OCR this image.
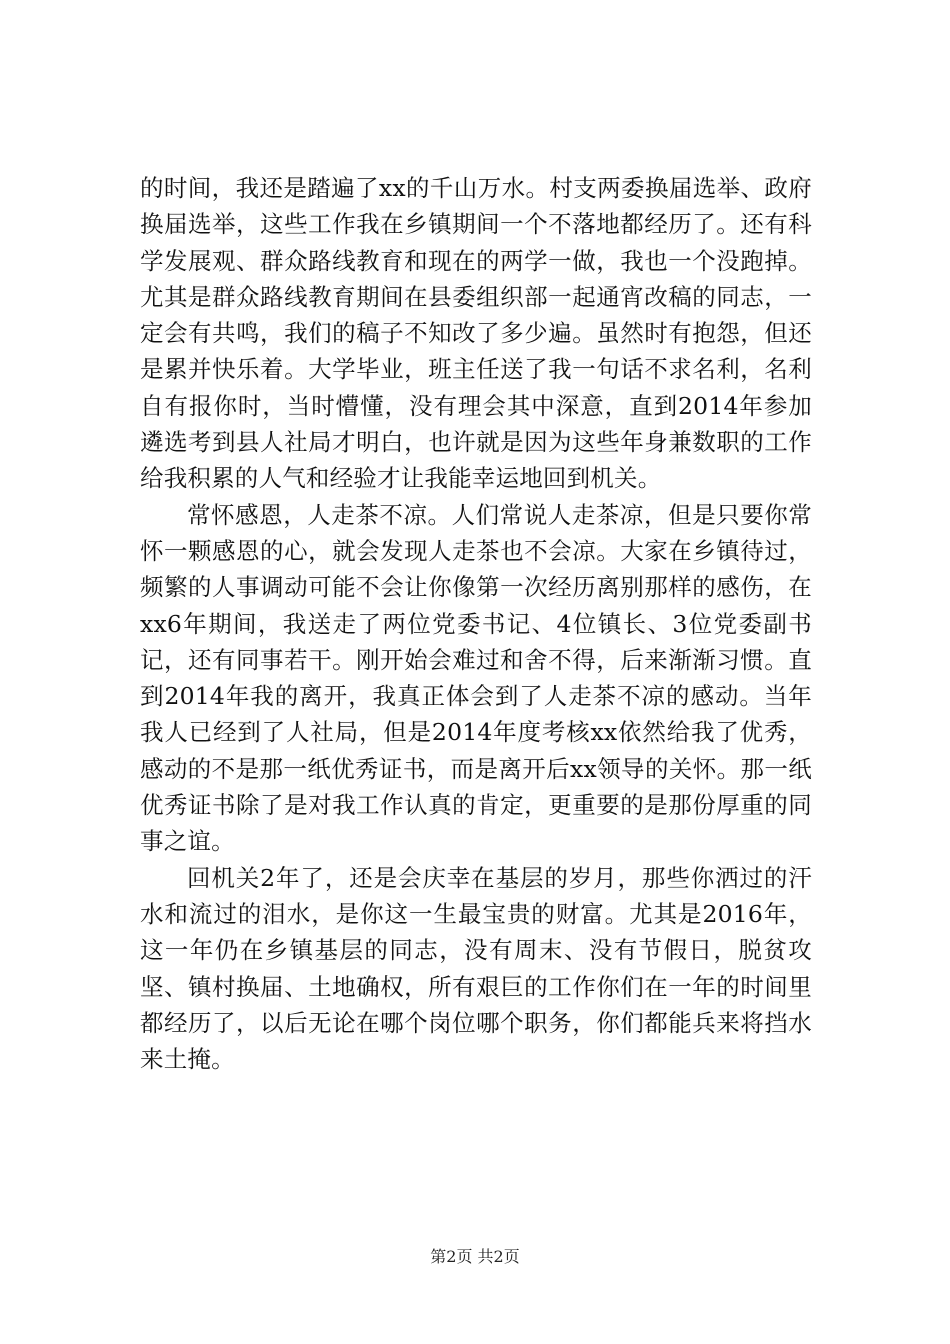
的时间，我还是踏遍了xx的千山万水。村支两委换届选举、政府换届选举，这些工作我在乡镇期间一个不落地都经历了。还有科学发展观、群众路线教育和现在的两学一做，我也一个没跑掉。尤其是群众路线教育期间在县委组织部一起通宵改稿的同志，一定会有共鸣，我们的稿子不知改了多少遍。虽然时有抱怨，但还是累并快乐着。大学毕业，班主任送了我一句话不求名利，名利自有报你时，当时懵懂，没有理会其中深意，直到2014年参加遴选考到县人社局才明白，也许就是因为这些年身兼数职的工作给我积累的人气和经验才让我能幸运地回到机关。

常怀感恩，人走茶不凉。人们常说人走茶凉，但是只要你常怀一颗感恩的心，就会发现人走茶也不会凉。大家在乡镇待过，频繁的人事调动可能不会让你像第一次经历离别那样的感伤，在xx6年期间，我送走了两位党委书记、4位镇长、3位党委副书记，还有同事若干。刚开始会难过和舍不得，后来渐渐习惯。直到2014年我的离开，我真正体会到了人走茶不凉的感动。当年我人已经到了人社局，但是2014年度考核xx依然给我了优秀，感动的不是那一纸优秀证书，而是离开后xx领导的关怀。那一纸优秀证书除了是对我工作认真的肯定，更重要的是那份厚重的同事之谊。

回机关2年了，还是会庆幸在基层的岁月，那些你洒过的汗水和流过的泪水，是你这一生最宝贵的财富。尤其是2016年，这一年仍在乡镇基层的同志，没有周末、没有节假日，脱贫攻坚、镇村换届、土地确权，所有艰巨的工作你们在一年的时间里都经历了，以后无论在哪个岗位哪个职务，你们都能兵来将挡水来土掩。

第2页 共2页
